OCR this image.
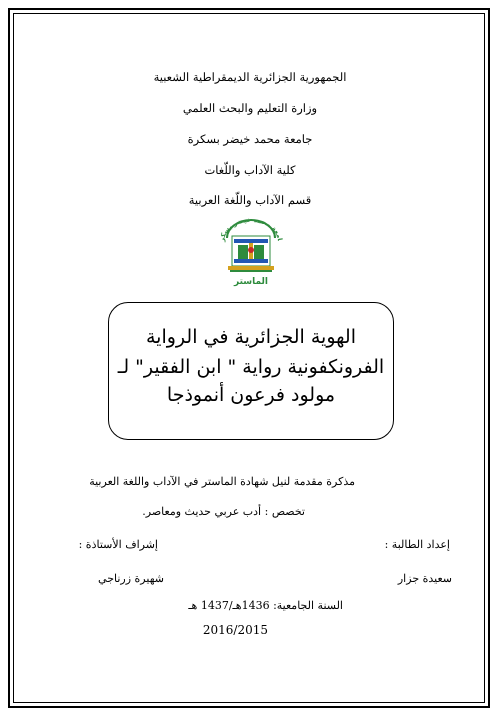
الجمهورية الجزائرية الديمقراطية الشعبية
وزارة التعليم والبحث العلمي
جامعة محمد خيضر بسكرة
كلية الآداب واللّغات
قسم الآداب واللّغة العربية
امعة محمد خيضر بسكر
الماستر
الهوية الجزائرية في الرواية
الفرونكفونية رواية " ابن الفقير" لـ
مولود فرعون أنموذجا
مذكرة مقدمة لنيل شهادة الماستر في الآداب واللغة العربية
تخصص : أدب عربي حديث ومعاصر.
إعداد الطالبة :
إشراف الأستاذة :
سعيدة جزار
شهيرة زرناجي
السنة الجامعية: 1436هـ/1437 هـ
2016/2015
